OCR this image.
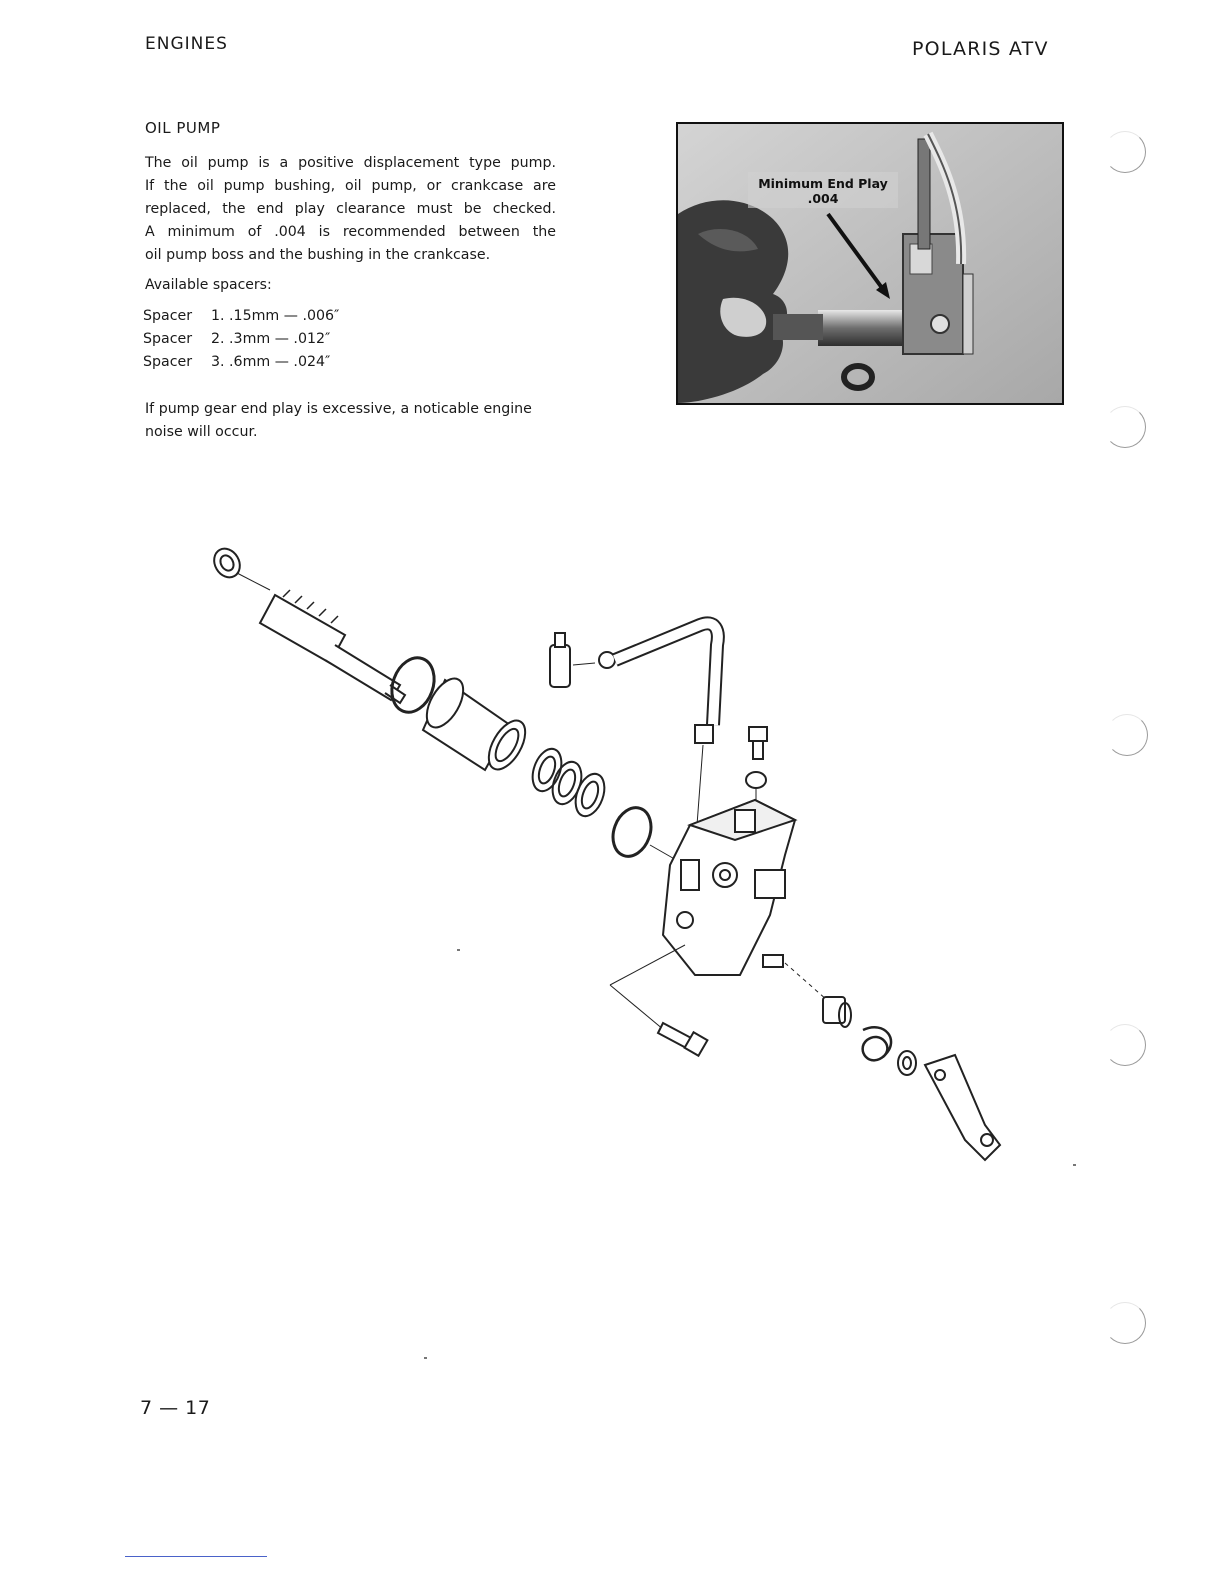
ENGINES	POLARIS ATV
OIL PUMP
The oil pump is a positive displacement type pump.
If the oil pump bushing, oil pump, or crankcase are
replaced, the end play clearance must be checked.
A minimum of .004 is recommended between the
oil pump boss and the bushing in the crankcase.
Available spacers:
Spacer 1. .15mm — .006″
Spacer 2. .3mm — .012″
Spacer 3. .6mm — .024″
If pump gear end play is excessive, a noticable engine
noise will occur.
Minimum End Play
.004
7 — 17
